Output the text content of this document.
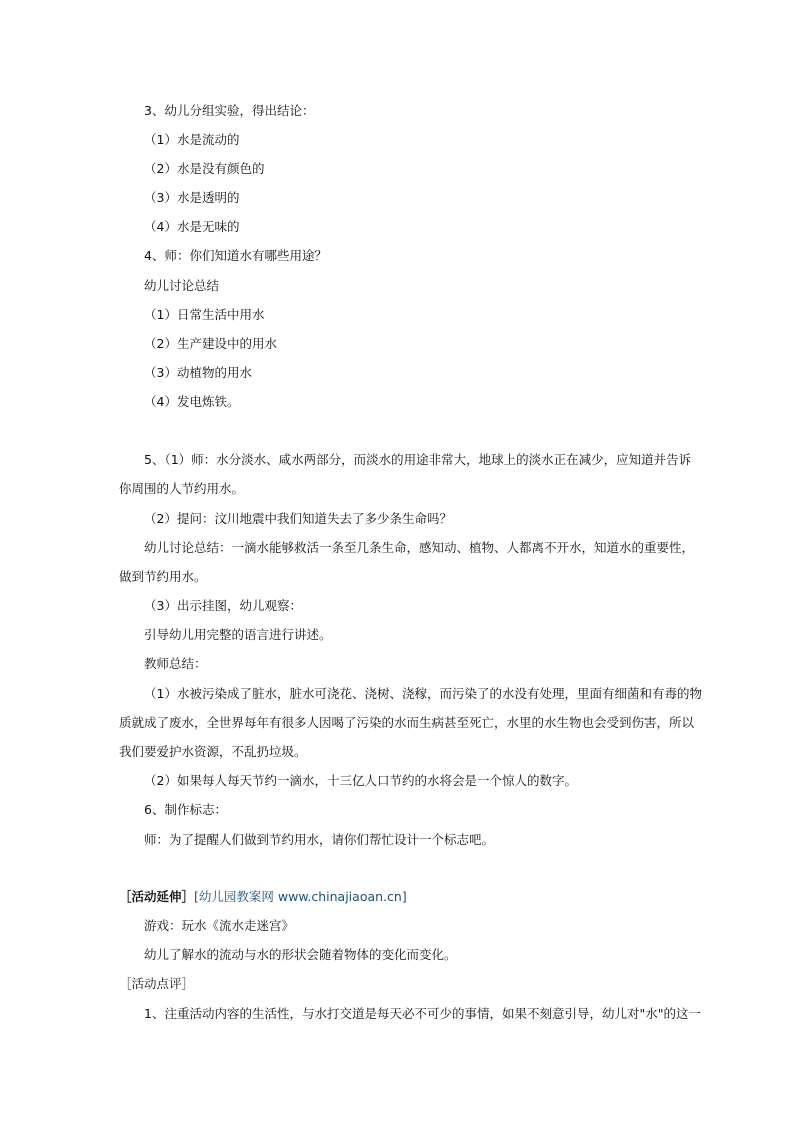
3、幼儿分组实验，得出结论：
（1）水是流动的
（2）水是没有颜色的
（3）水是透明的
（4）水是无味的
4、师：你们知道水有哪些用途？
幼儿讨论总结
（1）日常生活中用水
（2）生产建设中的用水
（3）动植物的用水
（4）发电炼铁。
5、（1）师：水分淡水、咸水两部分，而淡水的用途非常大，地球上的淡水正在减少，应知道并告诉
你周围的人节约用水。
（2）提问：汶川地震中我们知道失去了多少条生命吗？
幼儿讨论总结：一滴水能够救活一条至几条生命，感知动、植物、人都离不开水，知道水的重要性，
做到节约用水。
（3）出示挂图，幼儿观察：
引导幼儿用完整的语言进行讲述。
教师总结：
（1）水被污染成了脏水，脏水可浇花、浇树、浇稼，而污染了的水没有处理，里面有细菌和有毒的物
质就成了废水，全世界每年有很多人因喝了污染的水而生病甚至死亡，水里的水生物也会受到伤害，所以
我们要爱护水资源，不乱扔垃圾。
（2）如果每人每天节约一滴水，十三亿人口节约的水将会是一个惊人的数字。
6、制作标志：
师：为了提醒人们做到节约用水，请你们帮忙设计一个标志吧。
［活动延伸］[幼儿园教案网 www.chinajiaoan.cn]
游戏：玩水《流水走迷宫》
幼儿了解水的流动与水的形状会随着物体的变化而变化。
［活动点评］
1、注重活动内容的生活性，与水打交道是每天必不可少的事情，如果不刻意引导，幼儿对"水"的这一
